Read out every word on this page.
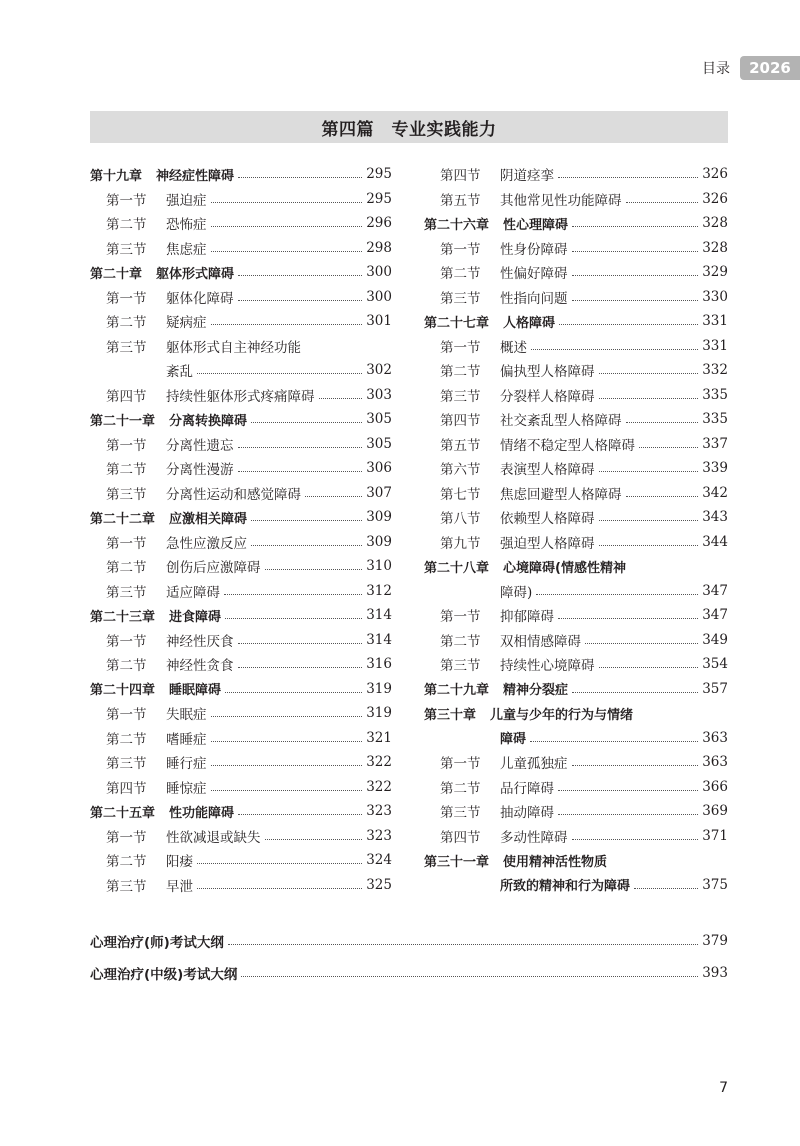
目录	2026
第四篇　专业实践能力
第十九章 神经症性障碍	295
第一节	强迫症	295
第二节	恐怖症	296
第三节	焦虑症	298
第二十章 躯体形式障碍	300
第一节	躯体化障碍	300
第二节	疑病症	301
第三节	躯体形式自主神经功能
紊乱	302
第四节	持续性躯体形式疼痛障碍	303
第二十一章 分离转换障碍	305
第一节	分离性遗忘	305
第二节	分离性漫游	306
第三节	分离性运动和感觉障碍	307
第二十二章 应激相关障碍	309
第一节	急性应激反应	309
第二节	创伤后应激障碍	310
第三节	适应障碍	312
第二十三章 进食障碍	314
第一节	神经性厌食	314
第二节	神经性贪食	316
第二十四章 睡眠障碍	319
第一节	失眠症	319
第二节	嗜睡症	321
第三节	睡行症	322
第四节	睡惊症	322
第二十五章 性功能障碍	323
第一节	性欲减退或缺失	323
第二节	阳痿	324
第三节	早泄	325
第四节	阴道痉挛	326
第五节	其他常见性功能障碍	326
第二十六章 性心理障碍	328
第一节	性身份障碍	328
第二节	性偏好障碍	329
第三节	性指向问题	330
第二十七章 人格障碍	331
第一节	概述	331
第二节	偏执型人格障碍	332
第三节	分裂样人格障碍	335
第四节	社交紊乱型人格障碍	335
第五节	情绪不稳定型人格障碍	337
第六节	表演型人格障碍	339
第七节	焦虑回避型人格障碍	342
第八节	依赖型人格障碍	343
第九节	强迫型人格障碍	344
第二十八章 心境障碍(情感性精神
障碍)	347
第一节	抑郁障碍	347
第二节	双相情感障碍	349
第三节	持续性心境障碍	354
第二十九章 精神分裂症	357
第三十章 儿童与少年的行为与情绪
障碍	363
第一节	儿童孤独症	363
第二节	品行障碍	366
第三节	抽动障碍	369
第四节	多动性障碍	371
第三十一章 使用精神活性物质
所致的精神和行为障碍	375
心理治疗(师)考试大纲	379
心理治疗(中级)考试大纲	393
7
